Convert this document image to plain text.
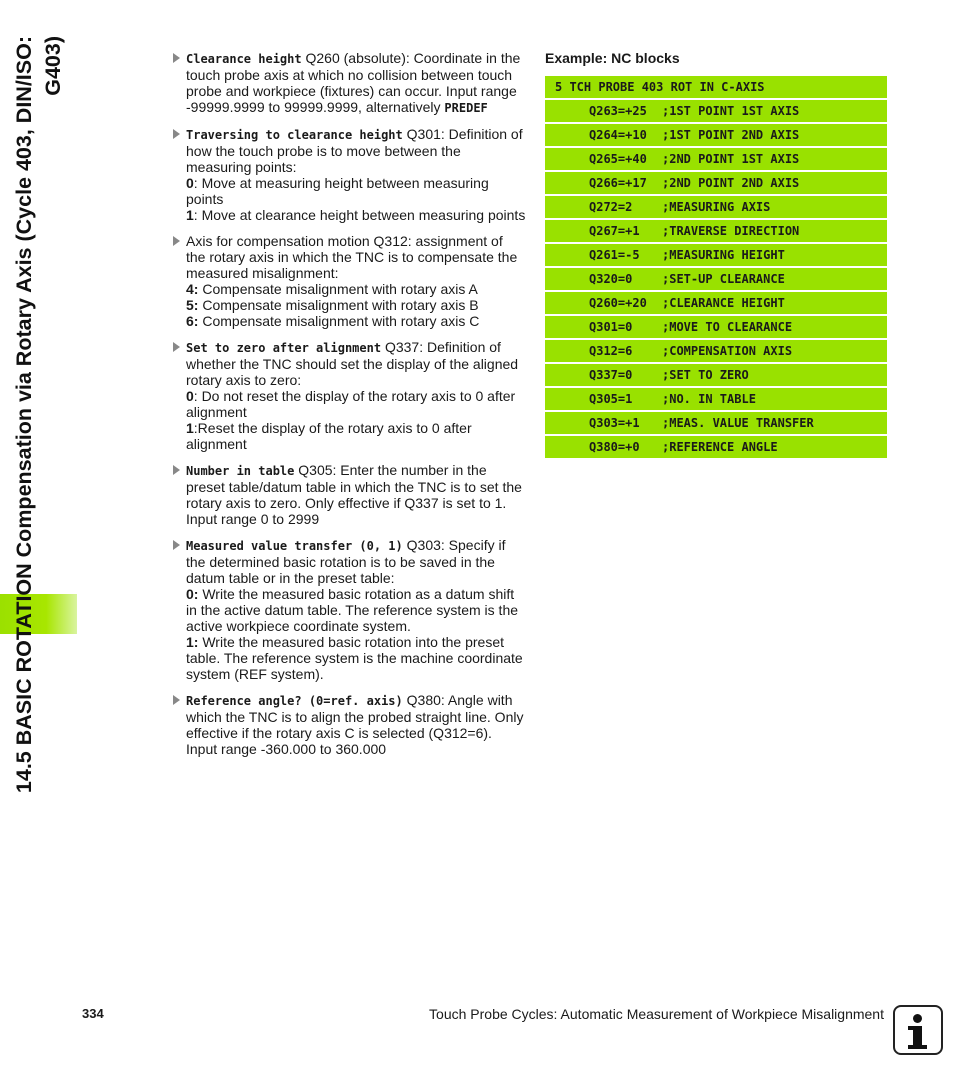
14.5 BASIC ROTATION Compensation via Rotary Axis (Cycle 403, DIN/ISO: G403)	Clearance height Q260 (absolute): Coordinate in the touch probe axis at which no collision between touch probe and workpiece (fixtures) can occur. Input range -99999.9999 to 99999.9999, alternatively PREDEF
Traversing to clearance height Q301: Definition of how the touch probe is to move between the measuring points:
0: Move at measuring height between measuring points
1: Move at clearance height between measuring points
Axis for compensation motion Q312: assignment of the rotary axis in which the TNC is to compensate the measured misalignment:
4: Compensate misalignment with rotary axis A
5: Compensate misalignment with rotary axis B
6: Compensate misalignment with rotary axis C
Set to zero after alignment Q337: Definition of whether the TNC should set the display of the aligned rotary axis to zero:
0: Do not reset the display of the rotary axis to 0 after alignment
1:Reset the display of the rotary axis to 0 after alignment
Number in table Q305: Enter the number in the preset table/datum table in which the TNC is to set the rotary axis to zero. Only effective if Q337 is set to 1. Input range 0 to 2999
Measured value transfer (0, 1) Q303: Specify if the determined basic rotation is to be saved in the datum table or in the preset table:
0: Write the measured basic rotation as a datum shift in the active datum table. The reference system is the active workpiece coordinate system.
1: Write the measured basic rotation into the preset table. The reference system is the machine coordinate system (REF system).
Reference angle? (0=ref. axis) Q380: Angle with which the TNC is to align the probed straight line. Only effective if the rotary axis C is selected (Q312=6). Input range -360.000 to 360.000
Example: NC blocks
5 TCH PROBE 403 ROT IN C-AXIS
Q263=+25 ;1ST POINT 1ST AXIS
Q264=+10 ;1ST POINT 2ND AXIS
Q265=+40 ;2ND POINT 1ST AXIS
Q266=+17 ;2ND POINT 2ND AXIS
Q272=2 ;MEASURING AXIS
Q267=+1 ;TRAVERSE DIRECTION
Q261=-5 ;MEASURING HEIGHT
Q320=0 ;SET-UP CLEARANCE
Q260=+20 ;CLEARANCE HEIGHT
Q301=0 ;MOVE TO CLEARANCE
Q312=6 ;COMPENSATION AXIS
Q337=0 ;SET TO ZERO
Q305=1 ;NO. IN TABLE
Q303=+1 ;MEAS. VALUE TRANSFER
Q380=+0 ;REFERENCE ANGLE
334	Touch Probe Cycles: Automatic Measurement of Workpiece Misalignment
